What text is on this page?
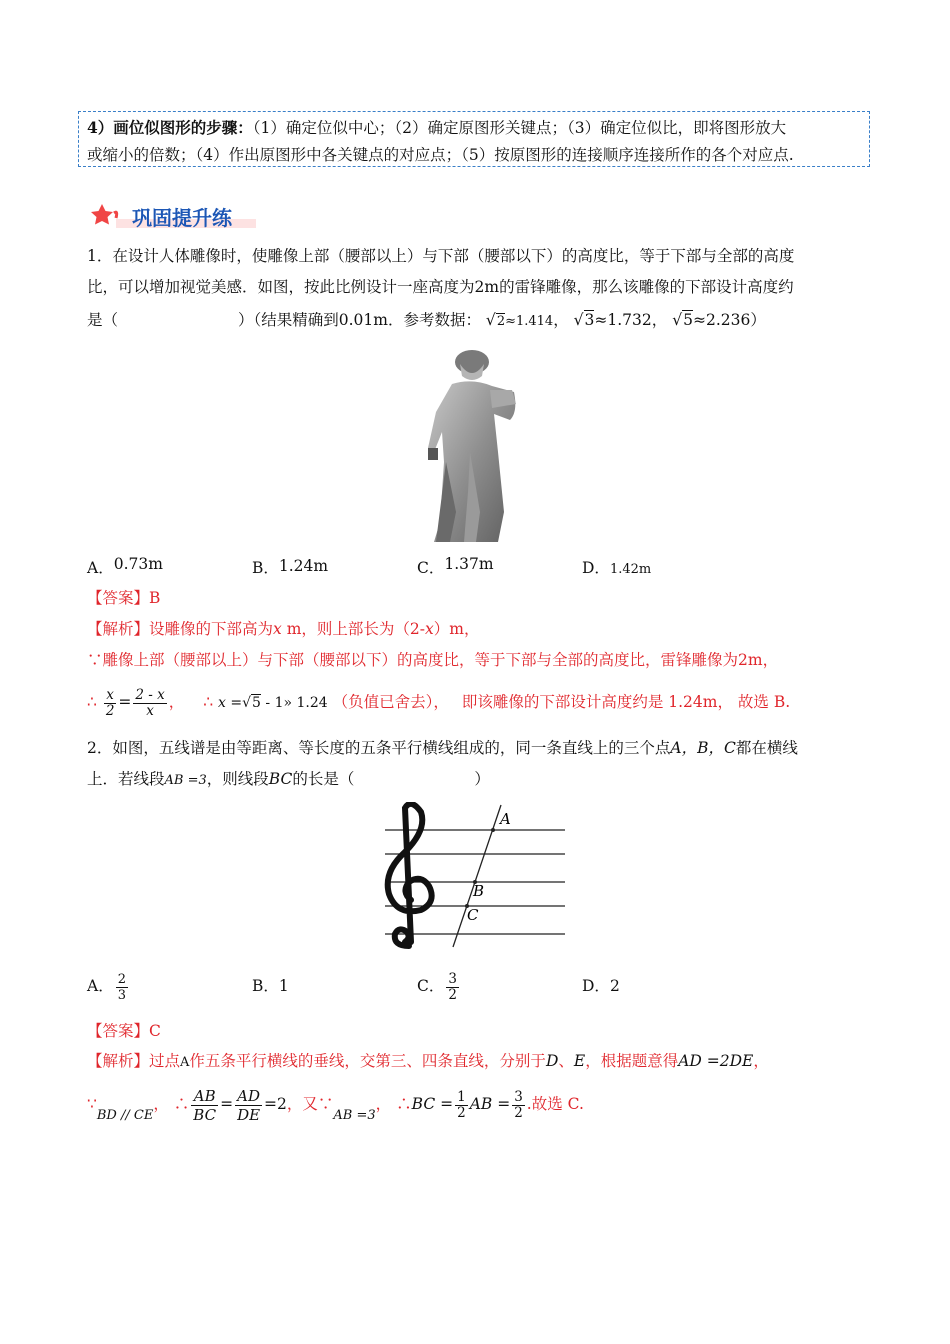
4）画位似图形的步骤：（1）确定位似中心；（2）确定原图形关键点；（3）确定位似比，即将图形放大
或缩小的倍数；（4）作出原图形中各关键点的对应点；（5）按原图形的连接顺序连接所作的各个对应点.
巩固提升练
1．在设计人体雕像时，使雕像上部（腰部以上）与下部（腰部以下）的高度比，等于下部与全部的高度
比，可以增加视觉美感．如图，按此比例设计一座高度为2m的雷锋雕像，那么该雕像的下部设计高度约
是（	）（结果精确到0.01m．参考数据： √2≈1.414， √3≈1.732， √5≈2.236）
A．0.73m	B．1.24m	C．1.37m	D．1.42m
【答案】B
【解析】设雕像的下部高为x m，则上部长为（2-x）m，
∵雕像上部（腰部以上）与下部（腰部以下）的高度比，等于下部与全部的高度比，雷锋雕像为2m，
∴ $\frac{x}{2} = \frac{2 - x}{x}$ ， ∴ x =√5 - 1» 1.24 （负值已舍去）， 即该雕像的下部设计高度约是 1.24m， 故选 B.
2．如图，五线谱是由等距离、等长度的五条平行横线组成的，同一条直线上的三个点A，B，C都在横线
上．若线段AB =3，则线段BC的长是（	）
A
B
C
A． $\frac{2}{3}$	B．1	C． $\frac{3}{2}$	D．2
【答案】C
【解析】过点A作五条平行横线的垂线，交第三、四条直线，分别于D、E，根据题意得AD =2DE，
$\because_{BD // CE}$， ∴ $\frac{AB}{BC} = \frac{AD}{DE} =2$，又$\because_{AB =3}$， ∴BC = $\frac{1}{2}$ AB = $\frac{3}{2}$ .故选 C.
